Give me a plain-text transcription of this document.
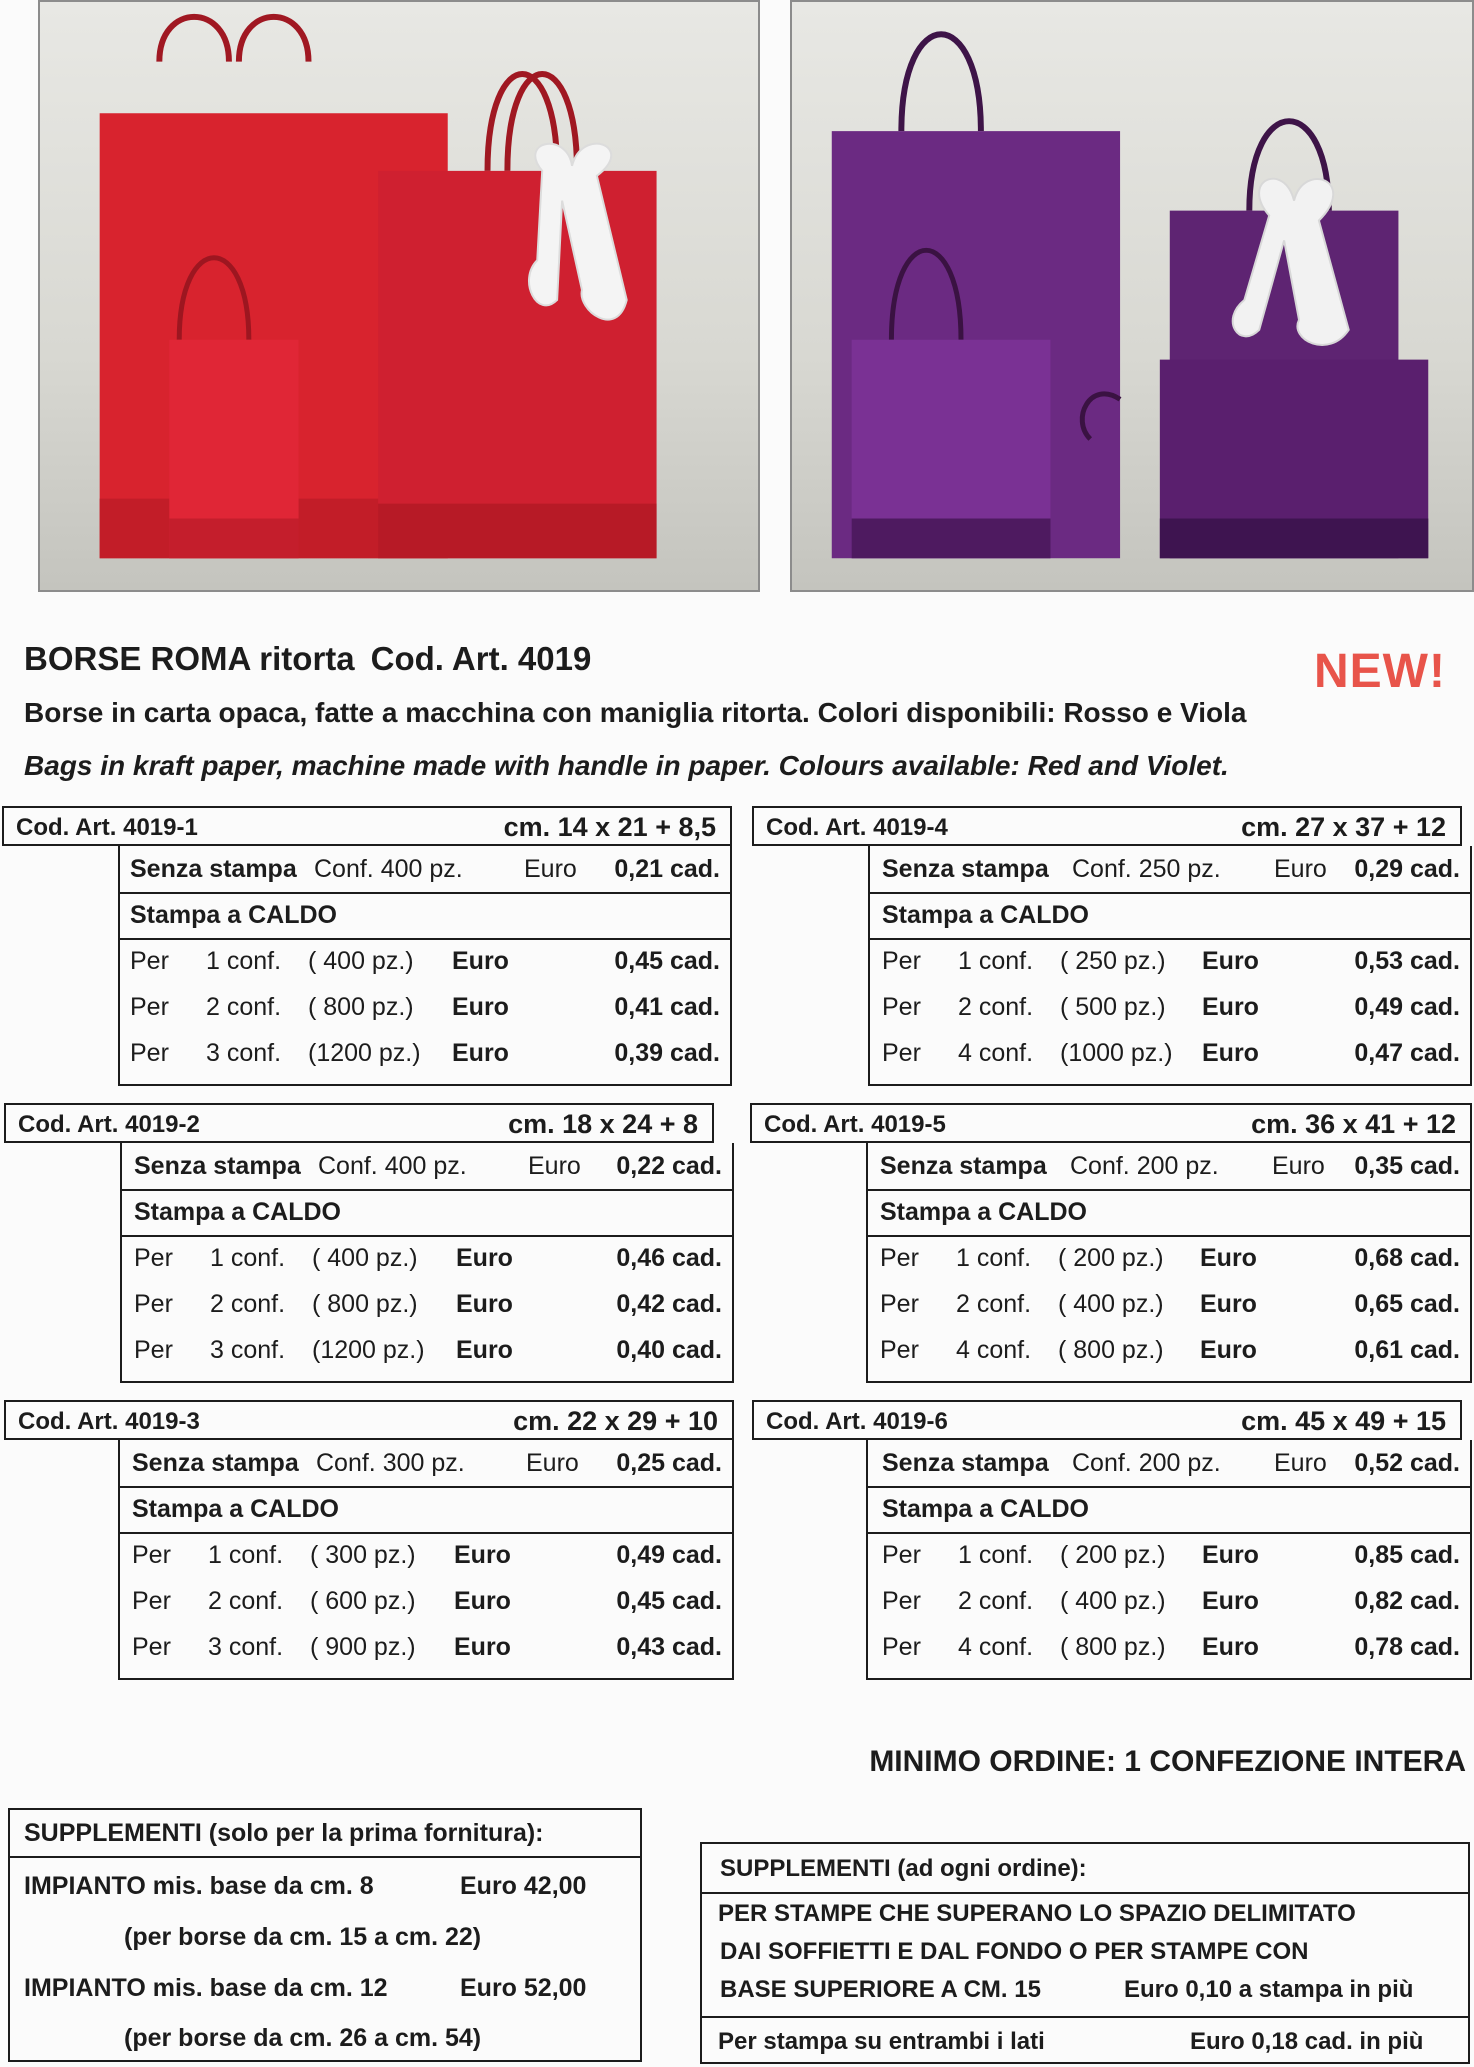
BORSE ROMA ritorta Cod. Art. 4019	NEW!
Borse in carta opaca, fatte a macchina con maniglia ritorta. Colori disponibili: Rosso e Viola
Bags in kraft paper, machine made with handle in paper. Colours available: Red and Violet.
Cod. Art. 4019-1	cm. 14 x 21 + 8,5
Senza stampa Conf. 400 pz. Euro 0,21 cad.
Stampa a CALDO
Per 1 conf. ( 400 pz.) Euro	0,45 cad.
Per 2 conf. ( 800 pz.) Euro	0,41 cad.
Per 3 conf. (1200 pz.) Euro	0,39 cad.
Cod. Art. 4019-4	cm. 27 x 37 + 12
Senza stampa Conf. 250 pz. Euro 0,29 cad.
Stampa a CALDO
Per 1 conf. ( 250 pz.) Euro	0,53 cad.
Per 2 conf. ( 500 pz.) Euro	0,49 cad.
Per 4 conf. (1000 pz.) Euro	0,47 cad.
Cod. Art. 4019-2	cm. 18 x 24 + 8
Senza stampa Conf. 400 pz. Euro 0,22 cad.
Stampa a CALDO
Per 1 conf. ( 400 pz.) Euro	0,46 cad.
Per 2 conf. ( 800 pz.) Euro	0,42 cad.
Per 3 conf. (1200 pz.) Euro	0,40 cad.
Cod. Art. 4019-5	cm. 36 x 41 + 12
Senza stampa Conf. 200 pz. Euro 0,35 cad.
Stampa a CALDO
Per 1 conf. ( 200 pz.) Euro	0,68 cad.
Per 2 conf. ( 400 pz.) Euro	0,65 cad.
Per 4 conf. ( 800 pz.) Euro	0,61 cad.
Cod. Art. 4019-3	cm. 22 x 29 + 10
Senza stampa Conf. 300 pz. Euro 0,25 cad.
Stampa a CALDO
Per 1 conf. ( 300 pz.) Euro	0,49 cad.
Per 2 conf. ( 600 pz.) Euro	0,45 cad.
Per 3 conf. ( 900 pz.) Euro	0,43 cad.
Cod. Art. 4019-6	cm. 45 x 49 + 15
Senza stampa Conf. 200 pz. Euro 0,52 cad.
Stampa a CALDO
Per 1 conf. ( 200 pz.) Euro	0,85 cad.
Per 2 conf. ( 400 pz.) Euro	0,82 cad.
Per 4 conf. ( 800 pz.) Euro	0,78 cad.
MINIMO ORDINE: 1 CONFEZIONE INTERA
SUPPLEMENTI (solo per la prima fornitura):
IMPIANTO mis. base da cm. 8	Euro 42,00
(per borse da cm. 15 a cm. 22)
IMPIANTO mis. base da cm. 12	Euro 52,00
(per borse da cm. 26 a cm. 54)
SUPPLEMENTI (ad ogni ordine):
PER STAMPE CHE SUPERANO LO SPAZIO DELIMITATO
DAI SOFFIETTI E DAL FONDO O PER STAMPE CON
BASE SUPERIORE A CM. 15	Euro 0,10 a stampa in più
Per stampa su entrambi i lati	Euro 0,18 cad. in più
